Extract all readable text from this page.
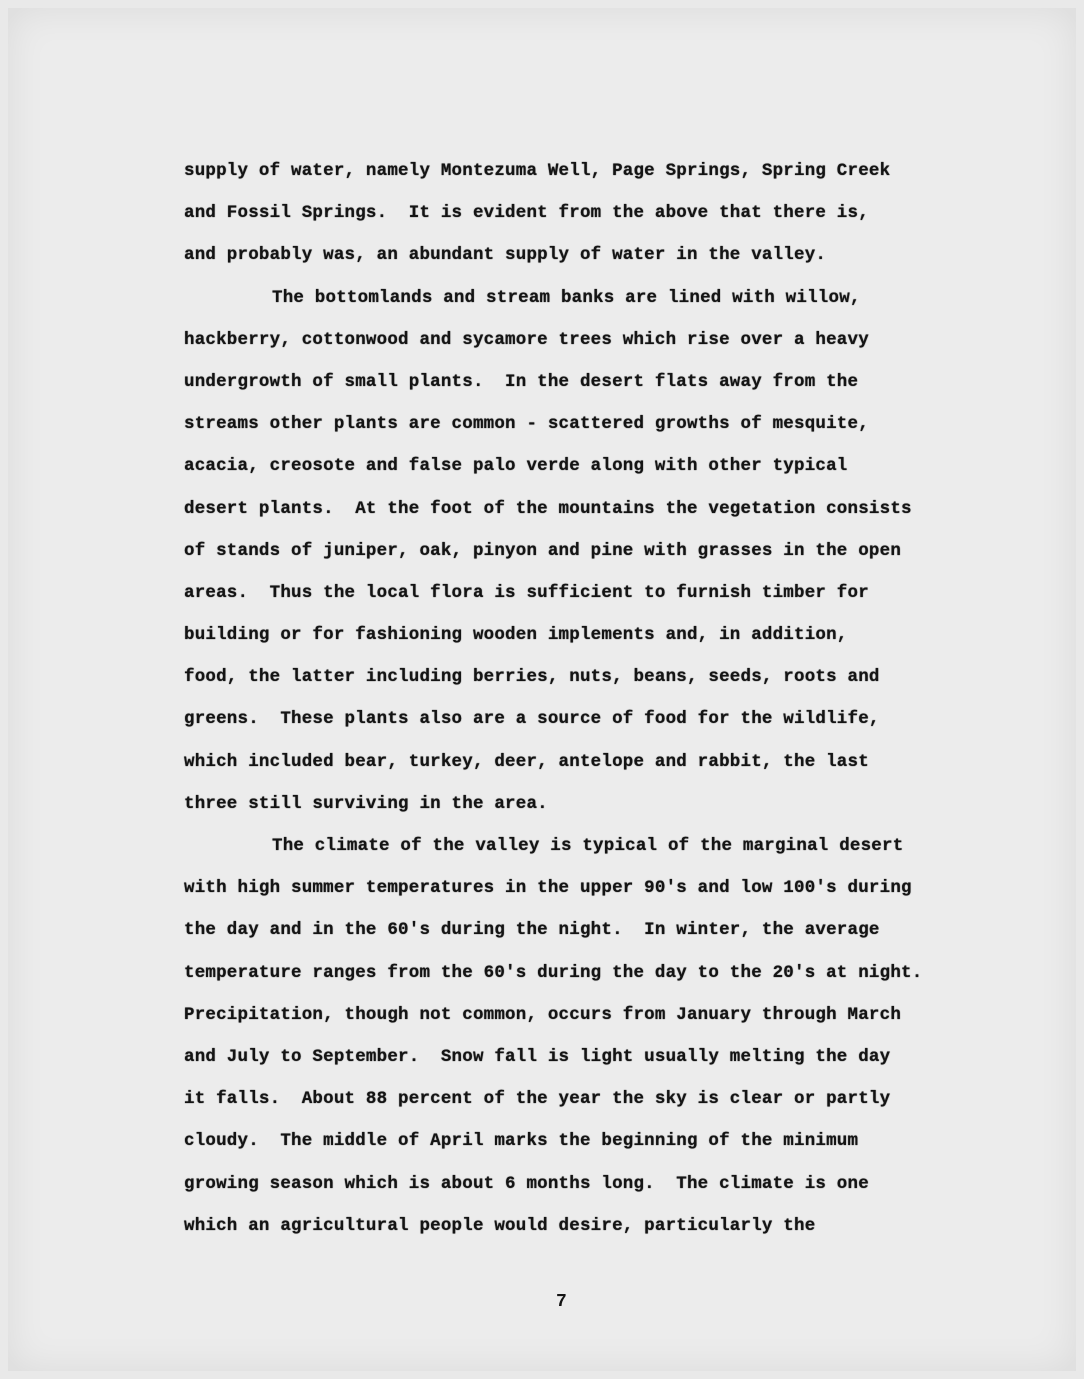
supply of water, namely Montezuma Well, Page Springs, Spring Creek
and Fossil Springs.  It is evident from the above that there is,
and probably was, an abundant supply of water in the valley.
The bottomlands and stream banks are lined with willow,
hackberry, cottonwood and sycamore trees which rise over a heavy
undergrowth of small plants.  In the desert flats away from the
streams other plants are common - scattered growths of mesquite,
acacia, creosote and false palo verde along with other typical
desert plants.  At the foot of the mountains the vegetation consists
of stands of juniper, oak, pinyon and pine with grasses in the open
areas.  Thus the local flora is sufficient to furnish timber for
building or for fashioning wooden implements and, in addition,
food, the latter including berries, nuts, beans, seeds, roots and
greens.  These plants also are a source of food for the wildlife,
which included bear, turkey, deer, antelope and rabbit, the last
three still surviving in the area.
The climate of the valley is typical of the marginal desert
with high summer temperatures in the upper 90's and low 100's during
the day and in the 60's during the night.  In winter, the average
temperature ranges from the 60's during the day to the 20's at night.
Precipitation, though not common, occurs from January through March
and July to September.  Snow fall is light usually melting the day
it falls.  About 88 percent of the year the sky is clear or partly
cloudy.  The middle of April marks the beginning of the minimum
growing season which is about 6 months long.  The climate is one
which an agricultural people would desire, particularly the
7
